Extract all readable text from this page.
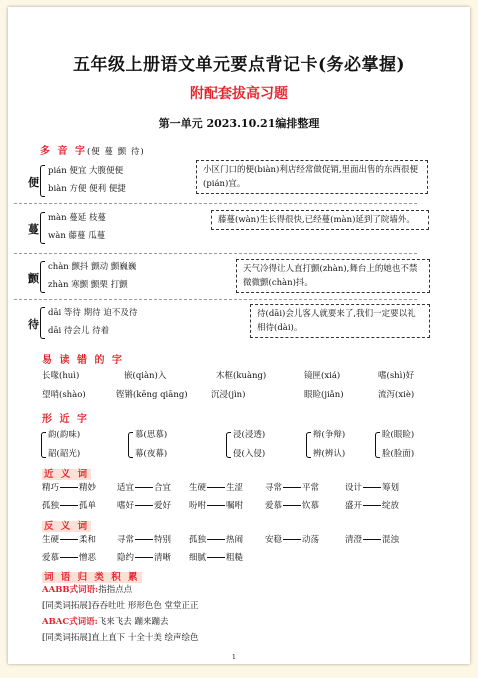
五年级上册语文单元要点背记卡(务必掌握)
附配套拔高习题
第一单元 2023.10.21编排整理
多 音 字(便 蔓 颤 待)
便
pián 便宜 大腹便便
biàn 方便 便利 便捷
小区门口的便(biàn)利店经常做促销,里面出售的东西很便(pián)宜。
蔓
màn 蔓延 枝蔓
wàn 藤蔓 瓜蔓
藤蔓(wàn)生长得很快,已经蔓(màn)延到了院墙外。
颤
chàn 颤抖 颤动 颤巍巍
zhàn 寒颤 颤栗 打颤
天气冷得让人直打颤(zhàn),舞台上的她也不禁微微颤(chàn)抖。
待
dāi 等待 期待 迫不及待
dāi 待会儿 待着
待(dāi)会儿客人就要来了,我们一定要以礼相待(dài)。
易 读 错 的 字
长喙(huì)	嵌(qiàn)入	木框(kuàng)	镜匣(xiá)	嗜(shì)好
望哨(shào)	铿锵(kēng qiāng)	沉浸(jìn)	眼睑(jiǎn)	流泻(xiè)
形 近 字
韵(韵味)
韶(韶光)
慕(思慕)
幕(夜幕)
浸(浸透)
侵(入侵)
辩(争辩)
辨(辨认)
睑(眼睑)
脸(脸面)
近 义 词
精巧 精妙 适宜 合宜 生硬 生涩	寻常 平常	设计 筹划
孤独 孤单 嗜好 爱好 吩咐 嘱咐	爱慕 钦慕	盛开 绽放
反 义 词
生硬 柔和 寻常 特别 孤独 热闹	安稳 动荡	清澄 混浊
爱慕 憎恶 隐约 清晰 细腻 粗糙
词 语 归 类 积 累
AABB式词语:指指点点
[同类词拓展]吞吞吐吐 形形色色 堂堂正正
ABAC式词语:飞来飞去 蹦来蹦去
[同类词拓展]直上直下 十全十美 绘声绘色
1
